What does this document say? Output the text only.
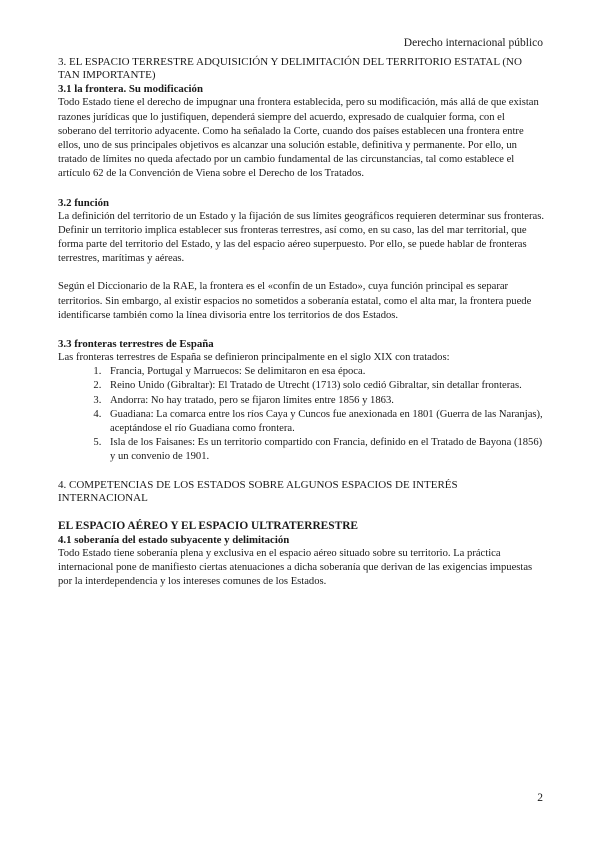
Derecho internacional público

3. EL ESPACIO TERRESTRE ADQUISICIÓN Y DELIMITACIÓN DEL TERRITORIO ESTATAL (NO TAN IMPORTANTE)

3.1 la frontera. Su modificación

Todo Estado tiene el derecho de impugnar una frontera establecida, pero su modificación, más allá de que existan razones jurídicas que lo justifiquen, dependerá siempre del acuerdo, expresado de cualquier forma, con el soberano del territorio adyacente. Como ha señalado la Corte, cuando dos países establecen una frontera entre ellos, uno de sus principales objetivos es alcanzar una solución estable, definitiva y permanente. Por ello, un tratado de límites no queda afectado por un cambio fundamental de las circunstancias, tal como establece el artículo 62 de la Convención de Viena sobre el Derecho de los Tratados.

3.2 función

La definición del territorio de un Estado y la fijación de sus límites geográficos requieren determinar sus fronteras. Definir un territorio implica establecer sus fronteras terrestres, así como, en su caso, las del mar territorial, que forma parte del territorio del Estado, y las del espacio aéreo superpuesto. Por ello, se puede hablar de fronteras terrestres, marítimas y aéreas.

Según el Diccionario de la RAE, la frontera es el «confín de un Estado», cuya función principal es separar territorios. Sin embargo, al existir espacios no sometidos a soberanía estatal, como el alta mar, la frontera puede identificarse también como la línea divisoria entre los territorios de dos Estados.

3.3 fronteras terrestres de España

Las fronteras terrestres de España se definieron principalmente en el siglo XIX con tratados:

1. Francia, Portugal y Marruecos: Se delimitaron en esa época.
2. Reino Unido (Gibraltar): El Tratado de Utrecht (1713) solo cedió Gibraltar, sin detallar fronteras.
3. Andorra: No hay tratado, pero se fijaron límites entre 1856 y 1863.
4. Guadiana: La comarca entre los ríos Caya y Cuncos fue anexionada en 1801 (Guerra de las Naranjas), aceptándose el río Guadiana como frontera.
5. Isla de los Faisanes: Es un territorio compartido con Francia, definido en el Tratado de Bayona (1856) y un convenio de 1901.

4. COMPETENCIAS DE LOS ESTADOS SOBRE ALGUNOS ESPACIOS DE INTERÉS INTERNACIONAL

EL ESPACIO AÉREO Y EL ESPACIO ULTRATERRESTRE
4.1 soberanía del estado subyacente y delimitación

Todo Estado tiene soberanía plena y exclusiva en el espacio aéreo situado sobre su territorio. La práctica internacional pone de manifiesto ciertas atenuaciones a dicha soberanía que derivan de las exigencias impuestas por la interdependencia y los intereses comunes de los Estados.

2
